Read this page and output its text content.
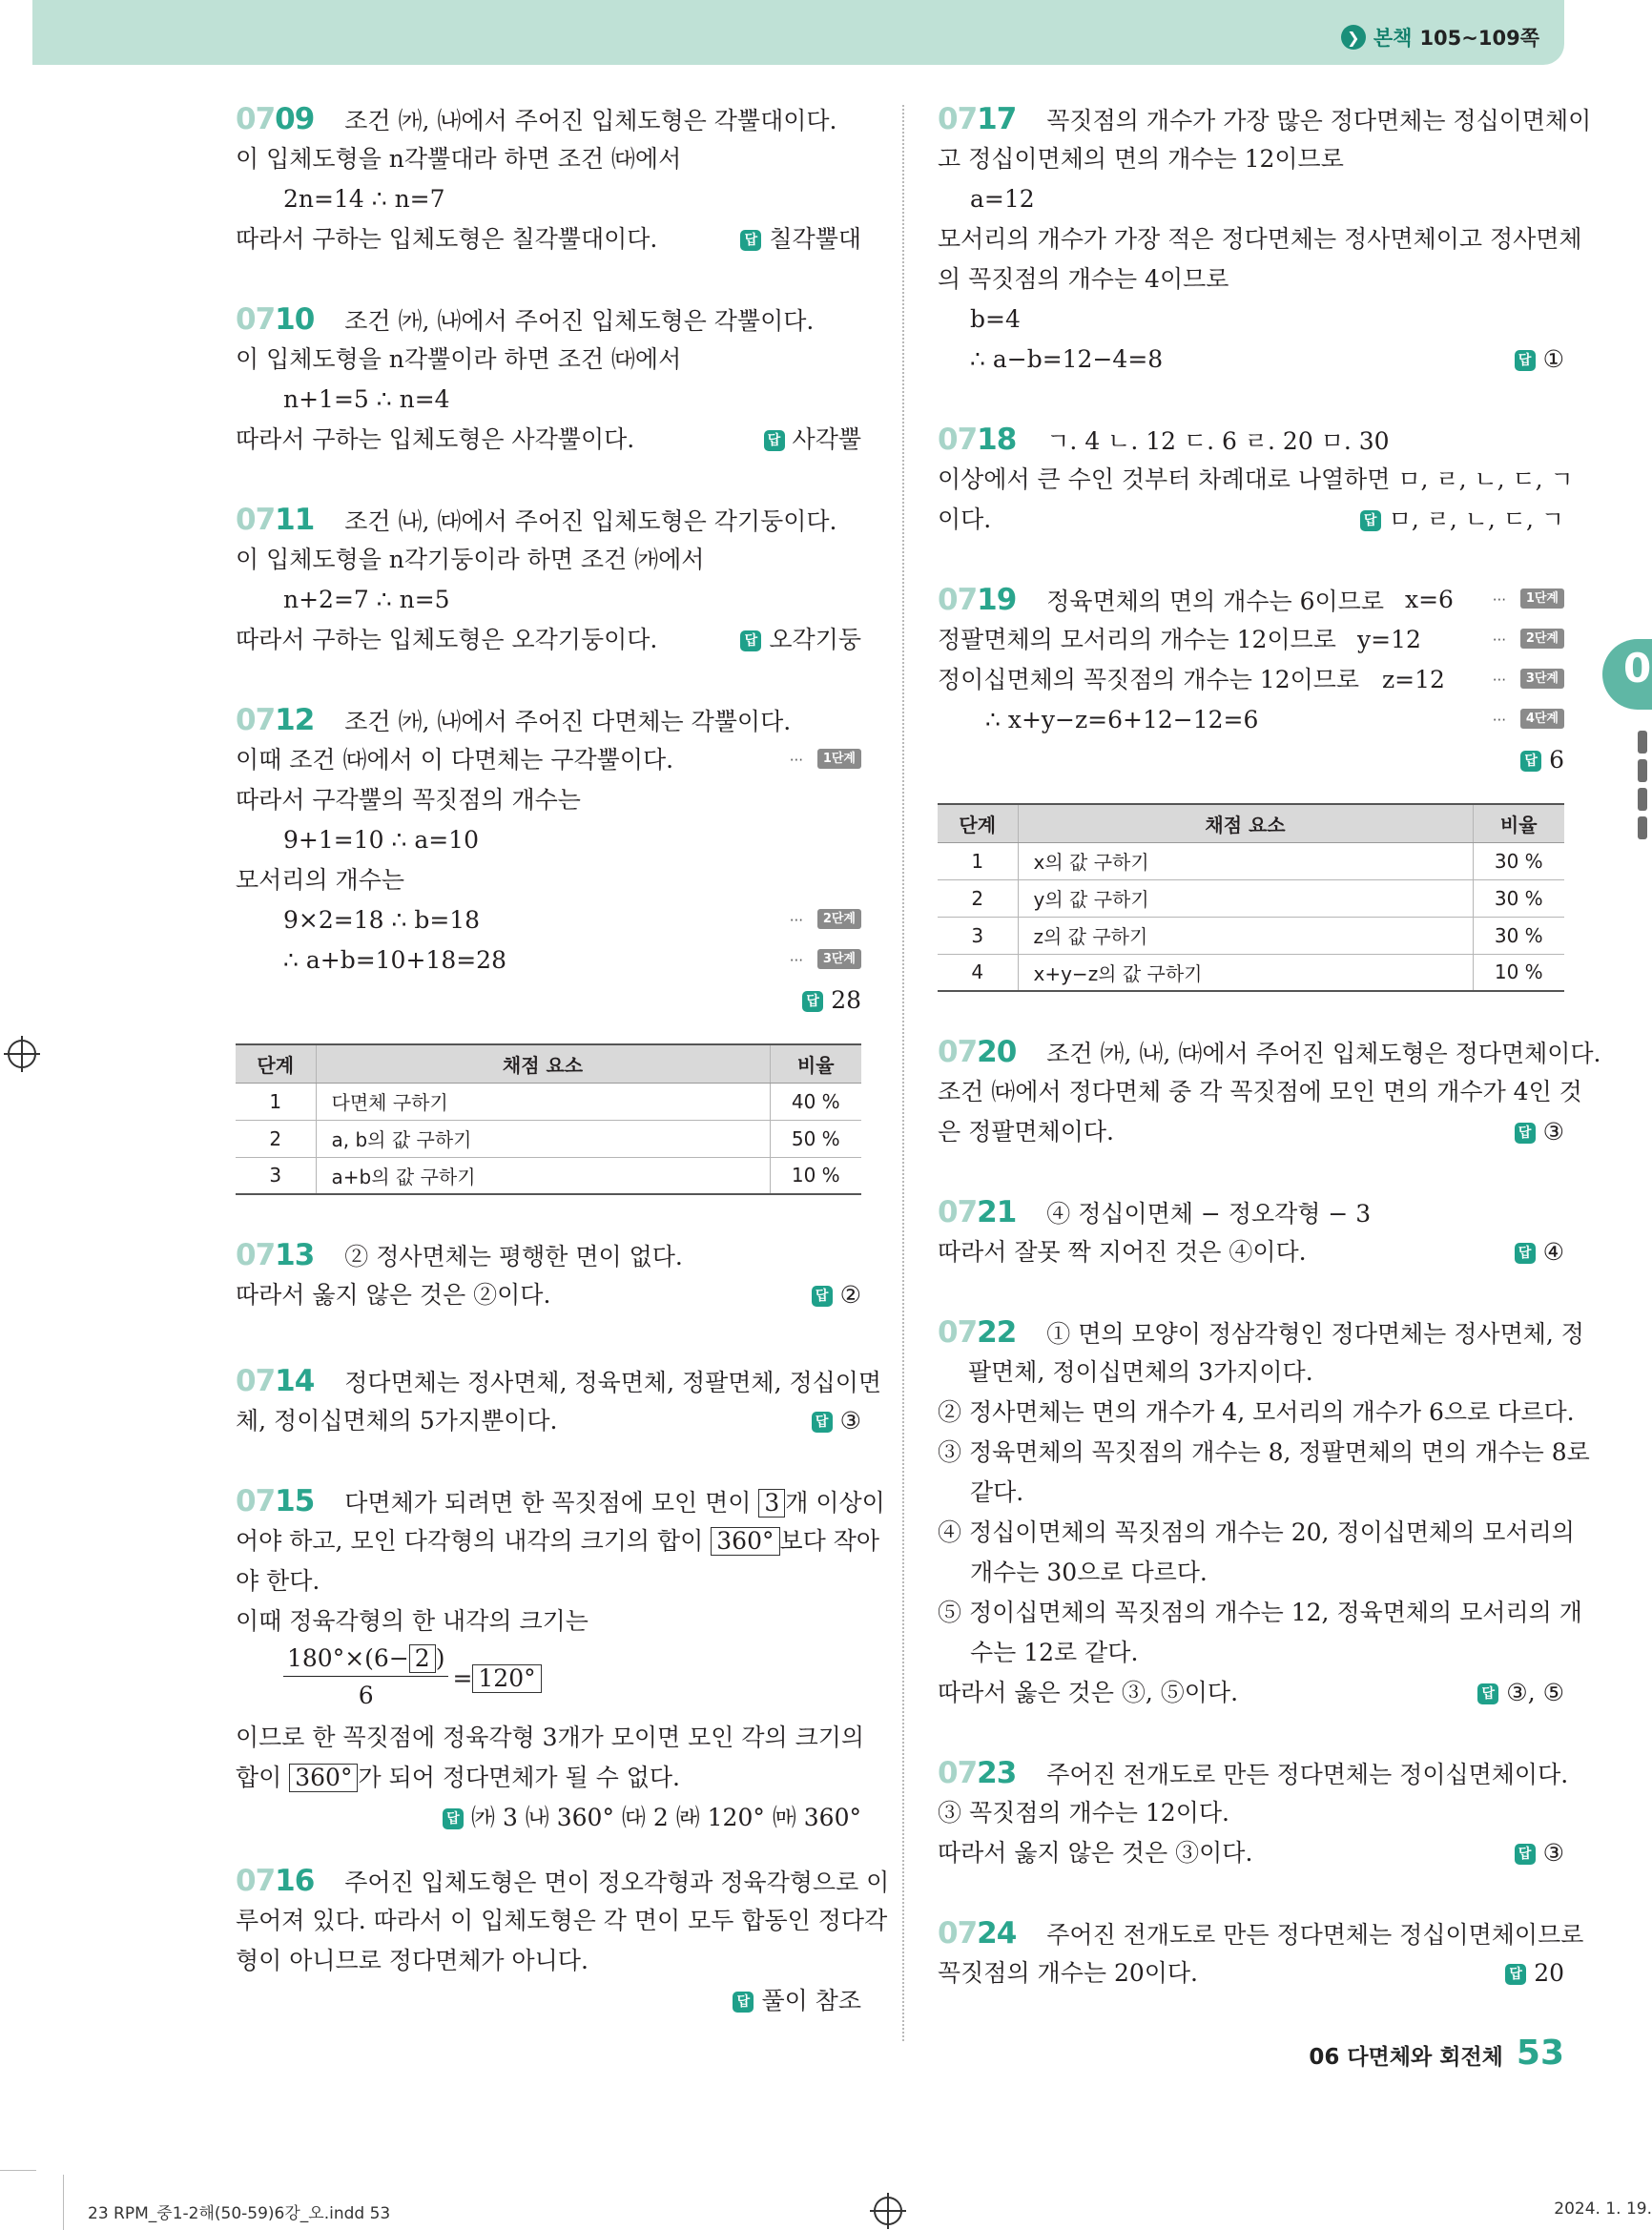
❯ 본책 105~109쪽
0
0709 조건 ㈎, ㈏에서 주어진 입체도형은 각뿔대이다.
이 입체도형을 n각뿔대라 하면 조건 ㈐에서
2n=14 ∴ n=7
따라서 구하는 입체도형은 칠각뿔대이다.	답 칠각뿔대
0710 조건 ㈎, ㈏에서 주어진 입체도형은 각뿔이다.
이 입체도형을 n각뿔이라 하면 조건 ㈐에서
n+1=5 ∴ n=4
따라서 구하는 입체도형은 사각뿔이다.	답 사각뿔
0711 조건 ㈏, ㈐에서 주어진 입체도형은 각기둥이다.
이 입체도형을 n각기둥이라 하면 조건 ㈎에서
n+2=7 ∴ n=5
따라서 구하는 입체도형은 오각기둥이다.	답 오각기둥
0712 조건 ㈎, ㈏에서 주어진 다면체는 각뿔이다.
이때 조건 ㈐에서 이 다면체는 구각뿔이다.	··· 1단계
따라서 구각뿔의 꼭짓점의 개수는
9+1=10 ∴ a=10
모서리의 개수는
9×2=18 ∴ b=18	··· 2단계
∴ a+b=10+18=28	··· 3단계
답 28
단계	채점 요소	비율
1	다면체 구하기	40 %
2	a, b의 값 구하기	50 %
3	a+b의 값 구하기	10 %
0713 ② 정사면체는 평행한 면이 없다.
따라서 옳지 않은 것은 ②이다.	답 ②
0714 정다면체는 정사면체, 정육면체, 정팔면체, 정십이면
체, 정이십면체의 5가지뿐이다.	답 ③
0715 다면체가 되려면 한 꼭짓점에 모인 면이 3 개 이상이
어야 하고, 모인 다각형의 내각의 크기의 합이 360° 보다 작아
야 한다.
이때 정육각형의 한 내각의 크기는
$\frac{180^\circ\times(6- 2 )}{6} = 120^\circ$
이므로 한 꼭짓점에 정육각형 3개가 모이면 모인 각의 크기의
합이 360° 가 되어 정다면체가 될 수 없다.
답 ㈎ 3 ㈏ 360° ㈐ 2 ㈑ 120° ㈒ 360°
0716 주어진 입체도형은 면이 정오각형과 정육각형으로 이
루어져 있다. 따라서 이 입체도형은 각 면이 모두 합동인 정다각
형이 아니므로 정다면체가 아니다.
답 풀이 참조
0717 꼭짓점의 개수가 가장 많은 정다면체는 정십이면체이
고 정십이면체의 면의 개수는 12이므로
a=12
모서리의 개수가 가장 적은 정다면체는 정사면체이고 정사면체
의 꼭짓점의 개수는 4이므로
b=4
∴ a−b=12−4=8	답 ①
0718 ㄱ. 4 ㄴ. 12 ㄷ. 6 ㄹ. 20 ㅁ. 30
이상에서 큰 수인 것부터 차례대로 나열하면 ㅁ, ㄹ, ㄴ, ㄷ, ㄱ
이다.	답 ㅁ, ㄹ, ㄴ, ㄷ, ㄱ
0719 정육면체의 면의 개수는 6이므로 x=6	··· 1단계
정팔면체의 모서리의 개수는 12이므로 y=12	··· 2단계
정이십면체의 꼭짓점의 개수는 12이므로 z=12	··· 3단계
∴ x+y−z=6+12−12=6	··· 4단계
답 6
단계	채점 요소	비율
1	x의 값 구하기	30 %
2	y의 값 구하기	30 %
3	z의 값 구하기	30 %
4	x+y−z의 값 구하기	10 %
0720 조건 ㈎, ㈏, ㈐에서 주어진 입체도형은 정다면체이다.
조건 ㈐에서 정다면체 중 각 꼭짓점에 모인 면의 개수가 4인 것
은 정팔면체이다.	답 ③
0721 ④ 정십이면체 − 정오각형 − 3
따라서 잘못 짝 지어진 것은 ④이다.	답 ④
0722 ① 면의 모양이 정삼각형인 정다면체는 정사면체, 정
팔면체, 정이십면체의 3가지이다.
② 정사면체는 면의 개수가 4, 모서리의 개수가 6으로 다르다.
③ 정육면체의 꼭짓점의 개수는 8, 정팔면체의 면의 개수는 8로
같다.
④ 정십이면체의 꼭짓점의 개수는 20, 정이십면체의 모서리의
개수는 30으로 다르다.
⑤ 정이십면체의 꼭짓점의 개수는 12, 정육면체의 모서리의 개
수는 12로 같다.
따라서 옳은 것은 ③, ⑤이다.	답 ③, ⑤
0723 주어진 전개도로 만든 정다면체는 정이십면체이다.
③ 꼭짓점의 개수는 12이다.
따라서 옳지 않은 것은 ③이다.	답 ③
0724 주어진 전개도로 만든 정다면체는 정십이면체이므로
꼭짓점의 개수는 20이다.	답 20
06 다면체와 회전체 53
23 RPM_중1-2해(50-59)6강_오.indd 53	2024. 1. 19.
